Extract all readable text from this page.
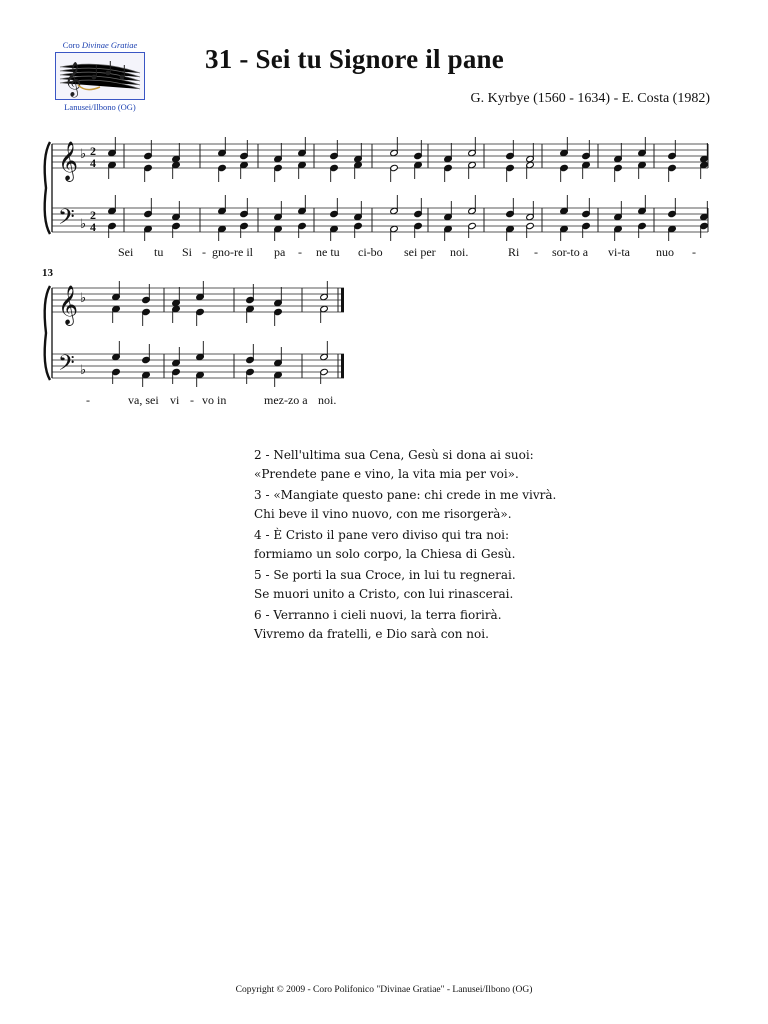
Coro Divinae Gratiae
𝄞
Lanusei/Ilbono (OG)
31 - Sei tu Signore il pane
G. Kyrbye (1560 - 1634) - E. Costa (1982)
𝄞
𝄢
♭
♭
2
4
2
4
Sei tu Si - gno-re il pa - ne tu ci-bo sei per noi.	Ri - sor-to a vi-ta nuo -
13
𝄞
𝄢
♭
♭
-	va, sei vi - vo in	mez-zo a noi.
2 - Nell'ultima sua Cena, Gesù si dona ai suoi:
«Prendete pane e vino, la vita mia per voi».
3 - «Mangiate questo pane: chi crede in me vivrà.
Chi beve il vino nuovo, con me risorgerà».
4 - È Cristo il pane vero diviso qui tra noi:
formiamo un solo corpo, la Chiesa di Gesù.
5 - Se porti la sua Croce, in lui tu regnerai.
Se muori unito a Cristo, con lui rinascerai.
6 - Verranno i cieli nuovi, la terra fiorirà.
Vivremo da fratelli, e Dio sarà con noi.
Copyright © 2009 - Coro Polifonico "Divinae Gratiae" - Lanusei/Ilbono (OG)
